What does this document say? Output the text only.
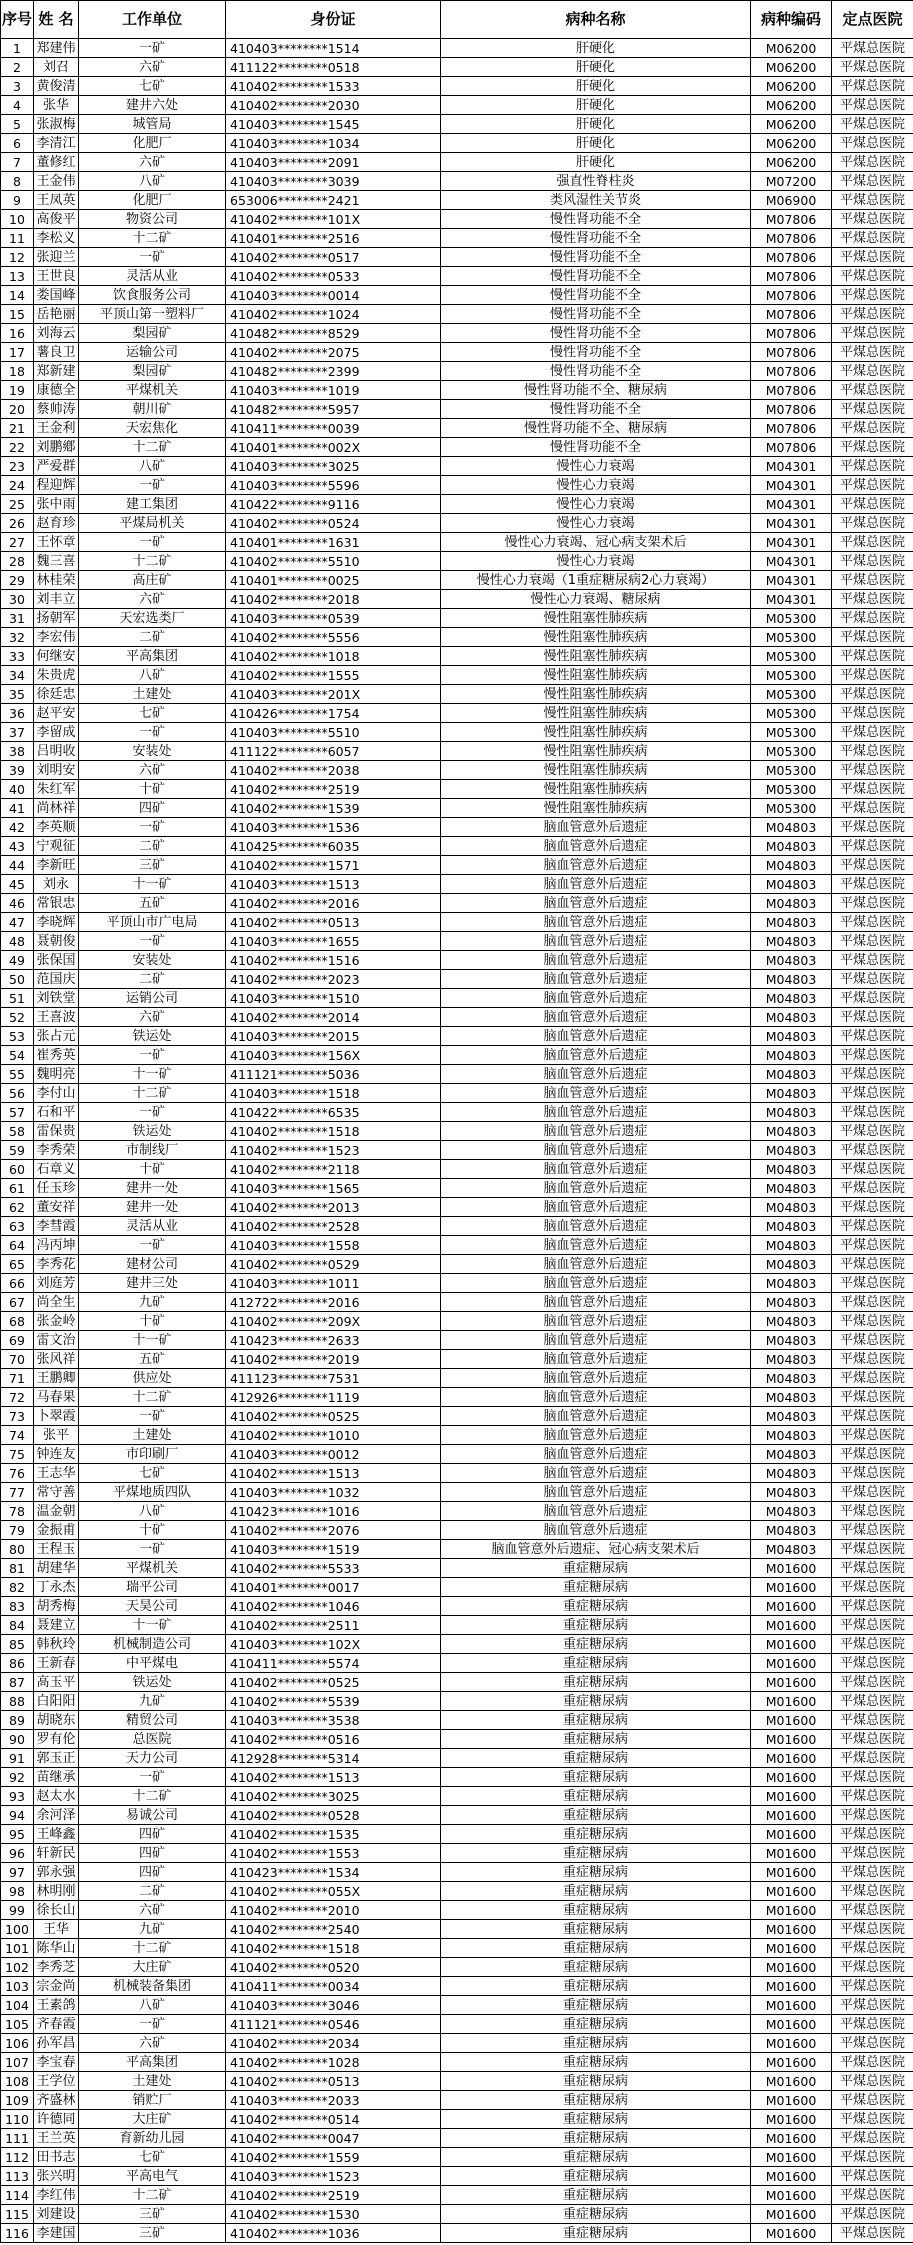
序号	姓 名	工作单位	身份证	病种名称	病种编码	定点医院
1	郑建伟	一矿	410403********1514	肝硬化	M06200	平煤总医院
2	刘召	六矿	411122********0518	肝硬化	M06200	平煤总医院
3	黄俊清	七矿	410402********1533	肝硬化	M06200	平煤总医院
4	张华	建井六处	410402********2030	肝硬化	M06200	平煤总医院
5	张淑梅	城管局	410403********1545	肝硬化	M06200	平煤总医院
6	李清江	化肥厂	410403********1034	肝硬化	M06200	平煤总医院
7	董修红	六矿	410403********2091	肝硬化	M06200	平煤总医院
8	王金伟	八矿	410403********3039	强直性脊柱炎	M07200	平煤总医院
9	王凤英	化肥厂	653006********2421	类风湿性关节炎	M06900	平煤总医院
10	高俊平	物资公司	410402********101X	慢性肾功能不全	M07806	平煤总医院
11	李松义	十二矿	410401********2516	慢性肾功能不全	M07806	平煤总医院
12	张迎兰	一矿	410402********0517	慢性肾功能不全	M07806	平煤总医院
13	王世良	灵活从业	410402********0533	慢性肾功能不全	M07806	平煤总医院
14	娄国峰	饮食服务公司	410403********0014	慢性肾功能不全	M07806	平煤总医院
15	岳艳丽	平顶山第一塑料厂	410402********1024	慢性肾功能不全	M07806	平煤总医院
16	刘海云	梨园矿	410482********8529	慢性肾功能不全	M07806	平煤总医院
17	薯良卫	运输公司	410402********2075	慢性肾功能不全	M07806	平煤总医院
18	郑新建	梨园矿	410482********2399	慢性肾功能不全	M07806	平煤总医院
19	康德全	平煤机关	410403********1019	慢性肾功能不全、糖尿病	M07806	平煤总医院
20	蔡帅涛	朝川矿	410482********5957	慢性肾功能不全	M07806	平煤总医院
21	王金利	天宏焦化	410411********0039	慢性肾功能不全、糖尿病	M07806	平煤总医院
22	刘鹏鄕	十二矿	410401********002X	慢性肾功能不全	M07806	平煤总医院
23	严爱群	八矿	410403********3025	慢性心力衰竭	M04301	平煤总医院
24	程迎辉	一矿	410403********5596	慢性心力衰竭	M04301	平煤总医院
25	张中雨	建工集团	410422********9116	慢性心力衰竭	M04301	平煤总医院
26	赵育珍	平煤局机关	410402********0524	慢性心力衰竭	M04301	平煤总医院
27	王怀章	一矿	410401********1631	慢性心力衰竭、冠心病支架术后	M04301	平煤总医院
28	魏三喜	十二矿	410402********5510	慢性心力衰竭	M04301	平煤总医院
29	林桂荣	高庄矿	410401********0025	慢性心力衰竭（1重症糖尿病2心力衰竭）	M04301	平煤总医院
30	刘丰立	六矿	410402********2018	慢性心力衰竭、糖尿病	M04301	平煤总医院
31	扬朝军	天宏选类厂	410403********0539	慢性阻塞性肺疾病	M05300	平煤总医院
32	李宏伟	二矿	410402********5556	慢性阻塞性肺疾病	M05300	平煤总医院
33	何继安	平高集团	410402********1018	慢性阻塞性肺疾病	M05300	平煤总医院
34	朱贵虎	八矿	410402********1555	慢性阻塞性肺疾病	M05300	平煤总医院
35	徐廷忠	土建处	410403********201X	慢性阻塞性肺疾病	M05300	平煤总医院
36	赵平安	七矿	410426********1754	慢性阻塞性肺疾病	M05300	平煤总医院
37	李留成	一矿	410403********5510	慢性阻塞性肺疾病	M05300	平煤总医院
38	吕明收	安装处	411122********6057	慢性阻塞性肺疾病	M05300	平煤总医院
39	刘明安	六矿	410402********2038	慢性阻塞性肺疾病	M05300	平煤总医院
40	朱红军	十矿	410402********2519	慢性阻塞性肺疾病	M05300	平煤总医院
41	尚林祥	四矿	410402********1539	慢性阻塞性肺疾病	M05300	平煤总医院
42	李英顺	一矿	410403********1536	脑血管意外后遗症	M04803	平煤总医院
43	宁观征	二矿	410425********6035	脑血管意外后遗症	M04803	平煤总医院
44	李新旺	三矿	410402********1571	脑血管意外后遗症	M04803	平煤总医院
45	刘永	十一矿	410403********1513	脑血管意外后遗症	M04803	平煤总医院
46	常银忠	五矿	410402********2016	脑血管意外后遗症	M04803	平煤总医院
47	李晓辉	平顶山市广电局	410402********0513	脑血管意外后遗症	M04803	平煤总医院
48	聂朝俊	一矿	410403********1655	脑血管意外后遗症	M04803	平煤总医院
49	张保国	安装处	410402********1516	脑血管意外后遗症	M04803	平煤总医院
50	范国庆	二矿	410402********2023	脑血管意外后遗症	M04803	平煤总医院
51	刘铁堂	运销公司	410403********1510	脑血管意外后遗症	M04803	平煤总医院
52	王喜波	六矿	410402********2014	脑血管意外后遗症	M04803	平煤总医院
53	张占元	铁运处	410403********2015	脑血管意外后遗症	M04803	平煤总医院
54	崔秀英	一矿	410403********156X	脑血管意外后遗症	M04803	平煤总医院
55	魏明亮	十一矿	411121********5036	脑血管意外后遗症	M04803	平煤总医院
56	李付山	十二矿	410403********1518	脑血管意外后遗症	M04803	平煤总医院
57	石和平	一矿	410422********6535	脑血管意外后遗症	M04803	平煤总医院
58	雷保贵	铁运处	410402********1518	脑血管意外后遗症	M04803	平煤总医院
59	李秀荣	市制线厂	410402********1523	脑血管意外后遗症	M04803	平煤总医院
60	石章义	十矿	410402********2118	脑血管意外后遗症	M04803	平煤总医院
61	任玉珍	建井一处	410403********1565	脑血管意外后遗症	M04803	平煤总医院
62	董安祥	建井一处	410402********2013	脑血管意外后遗症	M04803	平煤总医院
63	李彗霞	灵活从业	410402********2528	脑血管意外后遗症	M04803	平煤总医院
64	冯丙坤	一矿	410403********1558	脑血管意外后遗症	M04803	平煤总医院
65	李秀花	建材公司	410402********0529	脑血管意外后遗症	M04803	平煤总医院
66	刘庭芳	建井三处	410403********1011	脑血管意外后遗症	M04803	平煤总医院
67	尚全生	九矿	412722********2016	脑血管意外后遗症	M04803	平煤总医院
68	张金岭	十矿	410402********209X	脑血管意外后遗症	M04803	平煤总医院
69	雷文治	十一矿	410423********2633	脑血管意外后遗症	M04803	平煤总医院
70	张风祥	五矿	410402********2019	脑血管意外后遗症	M04803	平煤总医院
71	王鹏卿	供应处	411123********7531	脑血管意外后遗症	M04803	平煤总医院
72	马春果	十二矿	412926********1119	脑血管意外后遗症	M04803	平煤总医院
73	卜翠霞	一矿	410402********0525	脑血管意外后遗症	M04803	平煤总医院
74	张平	土建处	410402********1010	脑血管意外后遗症	M04803	平煤总医院
75	钟连友	市印刷厂	410403********0012	脑血管意外后遗症	M04803	平煤总医院
76	王志华	七矿	410402********1513	脑血管意外后遗症	M04803	平煤总医院
77	常守善	平煤地质四队	410403********1032	脑血管意外后遗症	M04803	平煤总医院
78	温金朝	八矿	410423********1016	脑血管意外后遗症	M04803	平煤总医院
79	金振甫	十矿	410402********2076	脑血管意外后遗症	M04803	平煤总医院
80	王程玉	一矿	410403********1519	脑血管意外后遗症、冠心病支架术后	M04803	平煤总医院
81	胡建华	平煤机关	410402********5533	重症糖尿病	M01600	平煤总医院
82	丁永杰	瑞平公司	410401********0017	重症糖尿病	M01600	平煤总医院
83	胡秀梅	天昊公司	410402********1046	重症糖尿病	M01600	平煤总医院
84	聂建立	十一矿	410402********2511	重症糖尿病	M01600	平煤总医院
85	韩秋玲	机械制造公司	410403********102X	重症糖尿病	M01600	平煤总医院
86	王新春	中平煤电	410411********5574	重症糖尿病	M01600	平煤总医院
87	高玉平	铁运处	410402********0525	重症糖尿病	M01600	平煤总医院
88	白阳阳	九矿	410402********5539	重症糖尿病	M01600	平煤总医院
89	胡晓东	精贸公司	410403********3538	重症糖尿病	M01600	平煤总医院
90	罗有伦	总医院	410402********0516	重症糖尿病	M01600	平煤总医院
91	郭玉正	天力公司	412928********5314	重症糖尿病	M01600	平煤总医院
92	苗继承	一矿	410402********1513	重症糖尿病	M01600	平煤总医院
93	赵太水	十二矿	410402********3025	重症糖尿病	M01600	平煤总医院
94	余河泽	易诚公司	410402********0528	重症糖尿病	M01600	平煤总医院
95	王峰鑫	四矿	410402********1535	重症糖尿病	M01600	平煤总医院
96	轩新民	四矿	410402********1553	重症糖尿病	M01600	平煤总医院
97	郭永强	四矿	410423********1534	重症糖尿病	M01600	平煤总医院
98	林明刚	二矿	410402********055X	重症糖尿病	M01600	平煤总医院
99	徐长山	六矿	410402********2010	重症糖尿病	M01600	平煤总医院
100	王华	九矿	410402********2540	重症糖尿病	M01600	平煤总医院
101	陈华山	十二矿	410402********1518	重症糖尿病	M01600	平煤总医院
102	李秀芝	大庄矿	410402********0520	重症糖尿病	M01600	平煤总医院
103	宗金尚	机械装备集团	410411********0034	重症糖尿病	M01600	平煤总医院
104	王素鸽	八矿	410403********3046	重症糖尿病	M01600	平煤总医院
105	齐春霞	一矿	411121********0546	重症糖尿病	M01600	平煤总医院
106	孙军昌	六矿	410402********2034	重症糖尿病	M01600	平煤总医院
107	李宝春	平高集团	410402********1028	重症糖尿病	M01600	平煤总医院
108	王学位	土建处	410402********0513	重症糖尿病	M01600	平煤总医院
109	齐盛林	销贮厂	410403********2033	重症糖尿病	M01600	平煤总医院
110	许德同	大庄矿	410402********0514	重症糖尿病	M01600	平煤总医院
111	王兰英	育新幼儿园	410402********0047	重症糖尿病	M01600	平煤总医院
112	田书志	七矿	410402********1559	重症糖尿病	M01600	平煤总医院
113	张兴明	平高电气	410403********1523	重症糖尿病	M01600	平煤总医院
114	李红伟	十二矿	410402********2519	重症糖尿病	M01600	平煤总医院
115	刘建设	三矿	410402********1530	重症糖尿病	M01600	平煤总医院
116	李建国	三矿	410402********1036	重症糖尿病	M01600	平煤总医院
